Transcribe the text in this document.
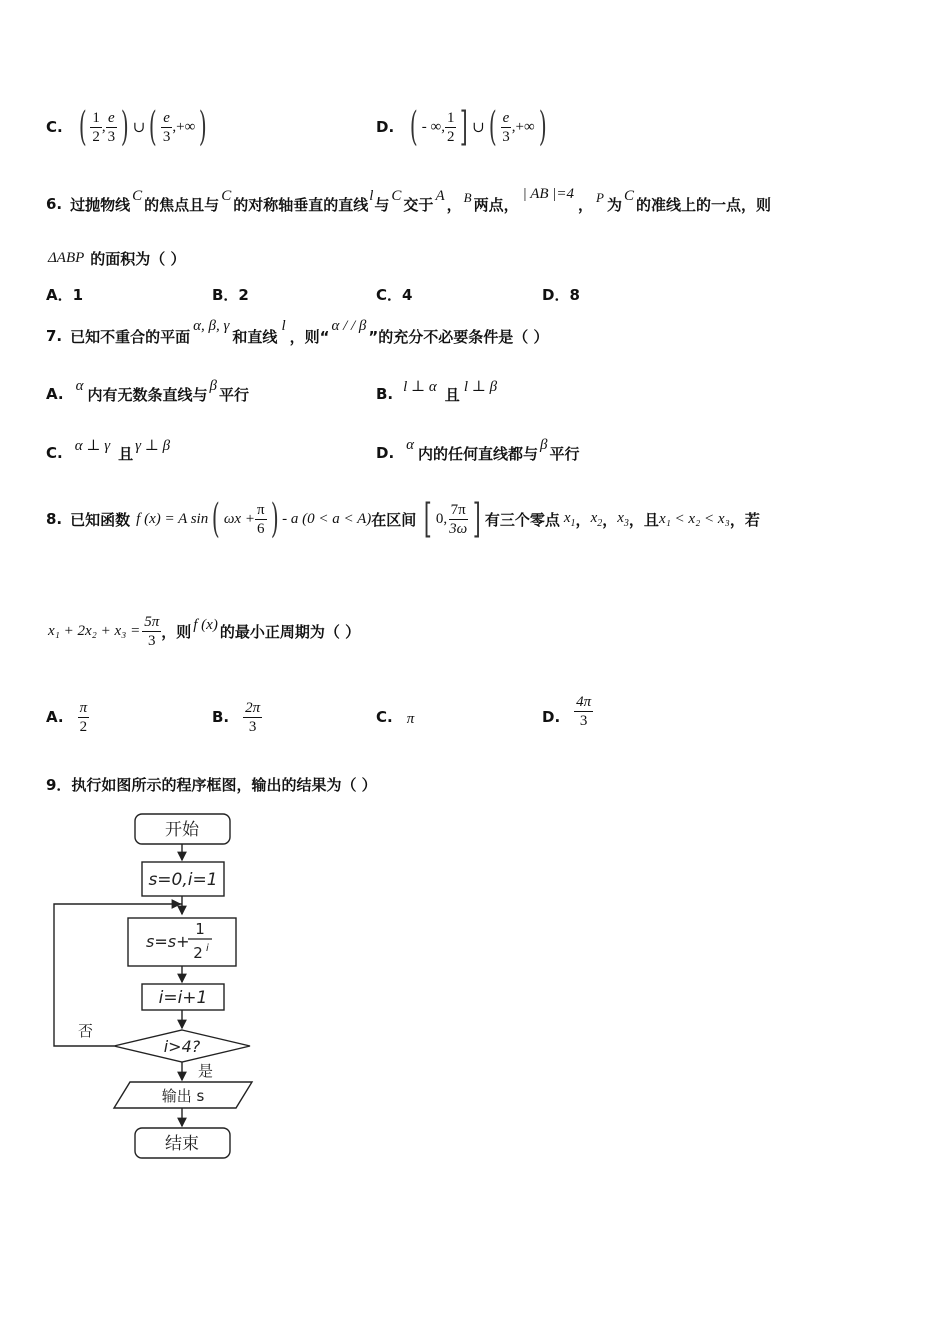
C. ( $\frac{1}{2}$ , $\frac{e}{3}$ ) ∪ ( $\frac{e}{3}$ ,+∞ )	D. ( - ∞, $\frac{1}{2}$ ] ∪ ( $\frac{e}{3}$ ,+∞ )
6. 过抛物线 C 的焦点且与 C 的对称轴垂直的直线 l 与 C 交于 A ， B 两点，
| AB |=4
， P 为 C 的准线上的一点，则
ΔABP 的面积为（ ）
A．1	B．2	C．4	D．8
7. 已知不重合的平面
α, β, γ
和直线
l
，则“
α / / β
”的充分不必要条件是（ ）
A. α 内有无数条直线与 β 平行	B. l ⊥ α 且 l ⊥ β
C. α ⊥ γ 且 γ ⊥ β	D. α 内的任何直线都与 β 平行
8. 已知函数 f (x) = A sin ( $\omega x + \frac{\pi}{6}$ ) - a (0 < a < A) 在区间 [ 0, $\frac{7\pi}{3\omega}$ ] 有三个零点 $x_1$ ， $x_2$ ， $x_3$ ，且 x₁ < x₂ < x₃ ，若
$x_1 + 2x_2 + x_3 = \frac{5\pi}{3}$ ，则 f (x) 的最小正周期为（ ）
A. $\frac{\pi}{2}$	B. $\frac{2\pi}{3}$	C. π	D. $\frac{4\pi}{3}$
9．执行如图所示的程序框图，输出的结果为（ ）
开始
s=0,i=1
s=s+
1
2 i
i=i+1
i>4?
否
是
输出 s
结束
